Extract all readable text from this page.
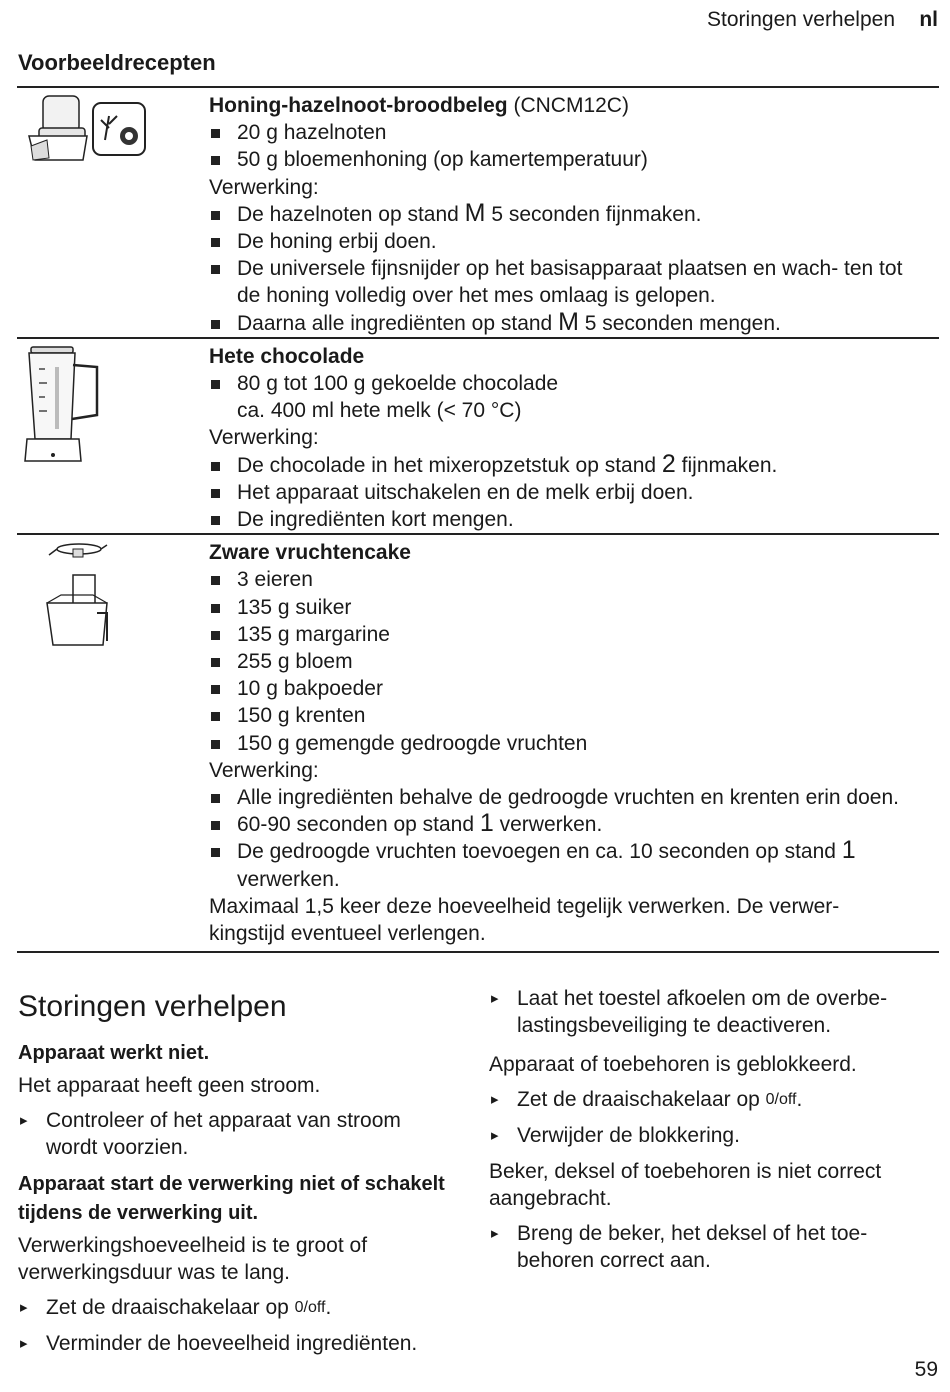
Storingen verhelpen nl
Voorbeeldrecepten
Honing-hazelnoot-broodbeleg (CNCM12C)
20 g hazelnoten
50 g bloemenhoning (op kamertemperatuur)
Verwerking:
De hazelnoten op stand M 5 seconden fijnmaken.
De honing erbij doen.
De universele fijnsnijder op het basisapparaat plaatsen en wach- ten tot de honing volledig over het mes omlaag is gelopen.
Daarna alle ingrediënten op stand M 5 seconden mengen.
Hete chocolade
80 g tot 100 g gekoelde chocolade
ca. 400 ml hete melk (< 70 °C)
Verwerking:
De chocolade in het mixeropzetstuk op stand 2 fijnmaken.
Het apparaat uitschakelen en de melk erbij doen.
De ingrediënten kort mengen.
Zware vruchtencake
3 eieren
135 g suiker
135 g margarine
255 g bloem
10 g bakpoeder
150 g krenten
150 g gemengde gedroogde vruchten
Verwerking:
Alle ingrediënten behalve de gedroogde vruchten en krenten erin doen.
60-90 seconden op stand 1 verwerken.
De gedroogde vruchten toevoegen en ca. 10 seconden op stand 1 verwerken.
Maximaal 1,5 keer deze hoeveelheid tegelijk verwerken. De verwer- kingstijd eventueel verlengen.
Storingen verhelpen
Apparaat werkt niet.
Het apparaat heeft geen stroom.
▸ Controleer of het apparaat van stroom wordt voorzien.
Apparaat start de verwerking niet of schakelt tijdens de verwerking uit.
Verwerkingshoeveelheid is te groot of verwerkingsduur was te lang.
▸ Zet de draaischakelaar op 0/off.
▸ Verminder de hoeveelheid ingrediënten.
▸ Laat het toestel afkoelen om de overbe- lastingsbeveiliging te deactiveren.
Apparaat of toebehoren is geblokkeerd.
▸ Zet de draaischakelaar op 0/off.
▸ Verwijder de blokkering.
Beker, deksel of toebehoren is niet correct aangebracht.
▸ Breng de beker, het deksel of het toe- behoren correct aan.
59
